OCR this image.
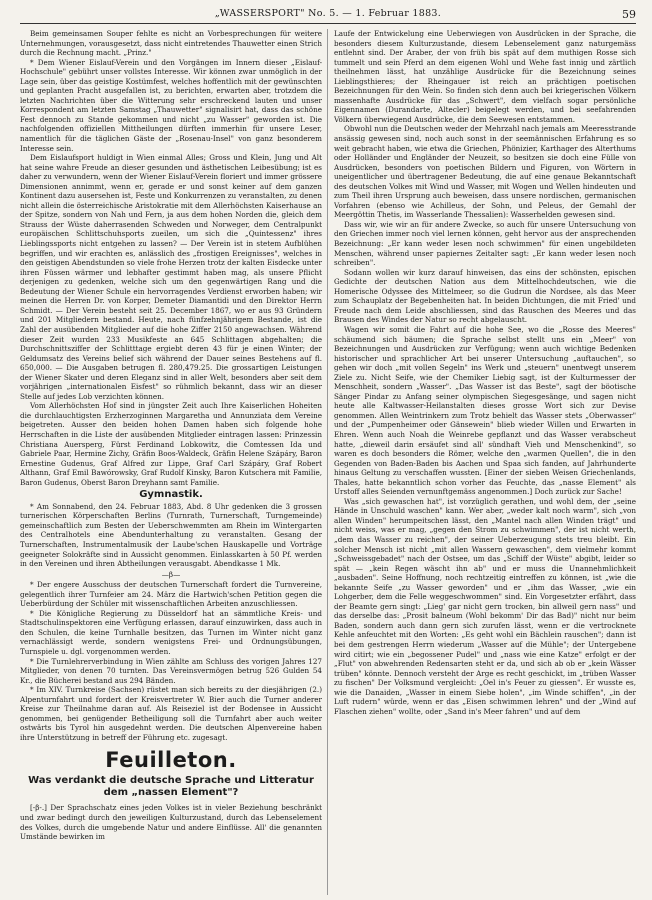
„WASSERSPORT" No. 5. — 1. Februar 1883.	59

Beim gemeinsamen Souper fehlte es nicht an Vorbesprechungen für weitere Unternehmungen, vorausgesetzt, dass nicht eintretendes Thauwetter einen Strich durch die Rechnung macht. „Prinz."

* Dem Wiener Eislauf-Verein und den Vorgängen im Innern dieser „Eislauf-Hochschule" gebührt unser vollstes Interesse. Wir können zwar unmöglich in der Lage sein, über das geistige Kostümfest, welches hoffentlich mit der gewünschten und geplanten Pracht ausgefallen ist, zu berichten, erwarten aber, trotzdem die letzten Nachrichten über die Witterung sehr erschreckend lauten und unser Korrespondent am letzten Samstag „Thauwetter" signalisirt hat, dass das schöne Fest dennoch zu Stande gekommen und nicht „zu Wasser" geworden ist. Die nachfolgenden offiziellen Mittheilungen dürften immerhin für unsere Leser, namentlich für die täglichen Gäste der „Rosenau-Insel" von ganz besonderem Interesse sein.

Dem Eislaufsport huldigt in Wien einmal Alles; Gross und Klein, Jung und Alt hat seine wahre Freude an dieser gesunden und ästhetischen Leibesübung; ist es daher zu verwundern, wenn der Wiener Eislauf-Verein floriert und immer grössere Dimensionen annimmt, wenn er, gerade er und sonst keiner auf dem ganzen Kontinent dazu ausersehen ist, Feste und Konkurrenzen zu veranstalten, zu denen nicht allein die österreichische Aristokratie mit dem Allerhöchsten Kaiserhause an der Spitze, sondern von Nah und Fern, ja aus dem hohen Norden die, gleich dem Strauss der Wüste daherrasenden Schweden und Norweger, dem Centralpunkt europäischen Schlittschuhsports zueilen, um sich die „Quintessenz" ihres Lieblingssports nicht entgehen zu lassen? — Der Verein ist in stetem Aufblühen begriffen, und wir erachten es, anlässlich des „frostigen Ereignisses", welches in den geistigen Abendstunden so viele frohe Herzen trotz der kalten Eisdecke unter ihren Füssen wärmer und lebhafter gestimmt haben mag, als unsere Pflicht derjenigen zu gedenken, welche sich um den gegenwärtigen Rang und die Bedeutung der Wiener Schule ein hervorragendes Verdienst erworben haben; wir meinen die Herren Dr. von Korper, Demeter Diamantidi und den Direktor Herrn Schmidt. — Der Verein besteht seit 25. December 1867, wo er aus 93 Gründern und 201 Mitgliedern bestand. Heute, nach fünfzehnjährigem Bestande, ist die Zahl der ausübenden Mitglieder auf die hohe Ziffer 2150 angewachsen. Während dieser Zeit wurden 233 Musikfeste an 645 Schlittagen abgehalten; die Durchschnittsziffer der Schlitttage ergiebt deren 43 für je einen Winter; der Geldumsatz des Vereins belief sich während der Dauer seines Bestehens auf fl. 650,000. — Die Ausgaben betrugen fl. 280,479.25. Die grossartigen Leistungen der Wiener Skater und deren Eleganz sind in aller Welt, besonders aber seit dem vorjährigen „internationalen Eisfest" so rühmlich bekannt, dass wir an dieser Stelle auf jedes Lob verzichten können.

Vom Allerhöchsten Hof sind in jüngster Zeit auch Ihre Kaiserlichen Hoheiten die durchlauchtigsten Erzherzoginnen Margaretha und Annunziata dem Vereine beigetreten. Ausser den beiden hohen Damen haben sich folgende hohe Herrschaften in die Liste der ausübenden Mitglieder eintragen lassen: Prinzessin Christiana Auersperg, Fürst Ferdinand Lobkowitz, die Comtessen Ida und Gabriele Paar, Hermine Zichy, Gräfin Boos-Waldeck, Gräfin Helene Szápáry, Baron Ernestine Gudenus, Graf Alfred zur Lippe, Graf Carl Szápáry, Graf Robert Althann, Graf Emil Bawórowsky, Graf Rudolf Kinsky, Baron Kutschera mit Familie, Baron Gudenus, Oberst Baron Dreyhann samt Familie.

Gymnastik.

* Am Sonnabend, den 24. Februar 1883, Abd. 8 Uhr gedenken die 3 grossen turnerischen Körperschaften Berlins (Turnrath, Turnerschaft, Turngemeinde) gemeinschaftlich zum Besten der Ueberschwemmten am Rhein im Wintergarten des Centralhotels eine Abendunterhaltung zu veranstalten. Gesang der Turnerschaften, Instrumentalmusik der Laube'schen Hauskapelle und Vorträge geeigneter Solokräfte sind in Aussicht genommen. Einlasskarten à 50 Pf. werden in den Vereinen und ihren Abtheilungen verausgabt. Abendkasse 1 Mk.

—β—

* Der engere Ausschuss der deutschen Turnerschaft fordert die Turnvereine, gelegentlich ihrer Turnfeier am 24. März die Hartwich'schen Petition gegen die Ueberbürdung der Schüler mit wissenschaftlichen Arbeiten anzuschliessen.

* Die Königliche Regierung zu Düsseldorf hat an sämmtliche Kreis- und Stadtschulinspektoren eine Verfügung erlassen, darauf einzuwirken, dass auch in den Schulen, die keine Turnhalle besitzen, das Turnen im Winter nicht ganz vernachlässigt werde, sondern wenigstens Frei- und Ordnungsübungen, Turnspiele u. dgl. vorgenommen werden.

* Die Turnlehrerverbindung in Wien zählte am Schluss des vorigen Jahres 127 Mitglieder, von denen 70 turnten. Das Vereinsvermögen betrug 526 Gulden 54 Kr., die Bücherei bestand aus 294 Bänden.

* Im XIV. Turnkreise (Sachsen) rüstet man sich bereits zu der diesjährigen (2.) Alpenturnfahrt und fordert der Kreisvertreter W. Bier auch die Turner anderer Kreise zur Theilnahme daran auf. Als Reiseziel ist der Bodensee in Aussicht genommen, bei genügender Betheiligung soll die Turnfahrt aber auch weiter ostwärts bis Tyrol hin ausgedehnt werden. Die deutschen Alpenvereine haben ihre Unterstützung in betreff der Führung etc. zugesagt.

Feuilleton.
Was verdankt die deutsche Sprache und Litteratur dem „nassen Element"?

[-β-.] Der Sprachschatz eines jeden Volkes ist in vieler Beziehung beschränkt und zwar bedingt durch den jeweiligen Kulturzustand, durch das Lebenselement des Volkes, durch die umgebende Natur und andere Einflüsse. All' die genannten Umstände bewirken im

Laufe der Entwickelung eine Ueberwiegen von Ausdrücken in der Sprache, die besonders diesem Kulturzustande, diesem Lebenselement ganz naturgemäss entlehnt sind. Der Araber, der von früh bis spät auf dem muthigen Rosse sich tummelt und sein Pferd an dem eigenen Wohl und Wehe fast innig und zärtlich theilnehmen lässt, hat unzählige Ausdrücke für die Bezeichnung seines Lieblingsthieres; der Rheingauer ist reich an prächtigen poetischen Bezeichnungen für den Wein. So finden sich denn auch bei kriegerischen Völkern massenhafte Ausdrücke für das „Schwert", dem vielfach sogar persönliche Eigennamen (Durandarte, Altecler) beigelegt werden, und bei seefahrenden Völkern überwiegend Ausdrücke, die dem Seewesen entstammen.

Obwohl nun die Deutschen weder der Mehrzahl nach jemals am Meeresstrande ansässig gewesen sind, noch auch sonst in der seemännischen Erfahrung es so weit gebracht haben, wie etwa die Griechen, Phönizier, Karthager des Alterthums oder Holländer und Engländer der Neuzeit, so besitzen sie doch eine Fülle von Ausdrücken, besonders von poetischen Bildern und Figuren, von Wörtern in uneigentlicher und übertragener Bedeutung, die auf eine genaue Bekanntschaft des deutschen Volkes mit Wind und Wasser, mit Wogen und Wellen hindeuten und zum Theil ihren Ursprung auch beweisen, dass unsere nordischen, germanischen Vorfahren (ebenso wie Achilleus, der Sohn, und Peleus, der Gemahl der Meergöttin Thetis, im Wasserlande Thessalien): Wasserhelden gewesen sind.

Dass wir, wie wir an für andere Zwecke, so auch für unsere Untersuchung von den Griechen immer noch viel lernen können, geht hervor aus der ansprechenden Bezeichnung: „Er kann weder lesen noch schwimmen" für einen ungebildeten Menschen, während unser papiernes Zeitalter sagt: „Er kann weder lesen noch schreiben".

Sodann wollen wir kurz darauf hinweisen, das eins der schönsten, epischen Gedichte der deutschen Nation aus dem Mittelhochdeutschen, wie die Homerische Odyssee des Mittelmeer, so die Gudrun die Nordsee, als das Meer zum Schauplatz der Begebenheiten hat. In beiden Dichtungen, die mit Fried' und Freude nach dem Leide abschliessen, sind das Rauschen des Meeres und das Brausen des Windes der Natur so recht abgelauscht.

Wagen wir somit die Fahrt auf die hohe See, wo die „Rosse des Meeres" schäumend sich bäumen; die Sprache selbst stellt uns ein „Meer" von Bezeichnungen und Ausdrücken zur Verfügung; wenn auch wichtige Bedenken historischer und sprachlicher Art bei unserer Untersuchung „auftauchen", so gehen wir doch „mit vollen Segeln" ins Werk und „steuern" unentwegt unserem Ziele zu. Nicht Seife, wie der Chemiker Liebig sagt, ist der Kulturmesser der Menschheit, sondern „Wasser". „Das Wasser ist das Beste", sagt der böotische Sänger Pindar zu Anfang seiner olympischen Siegesgesänge, und sagen nicht heute alle Kaltwasser-Heilanstalten dieses grosse Wort sich zur Devise genommen. Allen Weintrinkern zum Trotz behielt das Wasser stets „Oberwasser" und der „Pumpenheimer oder Gänsewein" blieb wieder Willen und Erwarten in Ehren. Wenn auch Noah die Weinrebe gepflanzt und das Wasser verabscheut hatte, „dieweil darin ersäufet sind all' sündhaft Vieh und Menschenkind", so waren es doch besonders die Römer, welche den „warmen Quellen", die in den Gegenden von Baden-Baden bis Aachen und Spaa sich fanden, auf Jahrhunderte hinaus Geltung zu verschaffen wussten. [Einer der sieben Weisen Griechenlands, Thales, hatte bekanntlich schon vorher das Feuchte, das „nasse Element" als Urstoff alles Seienden vernunftgemäss angenommen.] Doch zurück zur Sache!

Was „sich gewaschen hat", ist vorzüglich gerathen, und wohl dem, der „seine Hände in Unschuld waschen" kann. Wer aber, „weder kalt noch warm", sich „von allen Winden" herumpeitschen lässt, den „Mantel nach allen Winden trägt" und nicht weiss, was er mag, „gegen den Strom zu schwimmen", der ist nicht werth, „dem das Wasser zu reichen", der seiner Ueberzeugung stets treu bleibt. Ein solcher Mensch ist nicht „mit allen Wassern gewaschen", dem vielmehr kommt „Schweissgebadet" nach der Ostsee, um das „Schiff der Wüste" abgibt, leider so spät — „kein Regen wäscht ihn ab" und er muss die Unannehmlichkeit „ausbaden". Seine Hoffnung, noch rechtzeitig eintreffen zu können, ist „wie die bekannte Seife „zu Wasser geworden" und er „ihm das Wasser, „wie ein Lohgerber, dem die Felle weggeschwommen" sind. Ein Vorgesetzter erfährt, dass der Beamte gern singt: „Lieg' gar nicht gern trocken, bin allweil gern nass" und das derselbe das: „Prosit balneum (Wohl bekomm' Dir das Bad)" nicht nur beim Baden, sondern auch dann gern sich zurufen lässt, wenn er die vertrocknete Kehle anfeuchtet mit den Worten: „Es geht wohl ein Bächlein rauschen"; dann ist bei dem gestrengen Herrn wiederum „Wasser auf die Mühle"; der Untergebene wird citirt; wie ein „begossener Pudel" und „nass wie eine Katze" erfolgt er der „Flut" von abwehrenden Redensarten steht er da, und sich ab ob er „kein Wässer trüben" könnte. Dennoch versteht der Arge es recht geschickt, im „trüben Wasser zu fischen" Der Volksmund vergleicht: „Oel in's Feuer zu giessen". Er wusste es, wie die Danaiden, „Wasser in einem Siebe holen", „im Winde schiffen", „in der Luft rudern" würde, wenn er das „Eisen schwimmen lehren" und der „Wind auf Flaschen ziehen" wollte, oder „Sand in's Meer fahren" und auf dem
